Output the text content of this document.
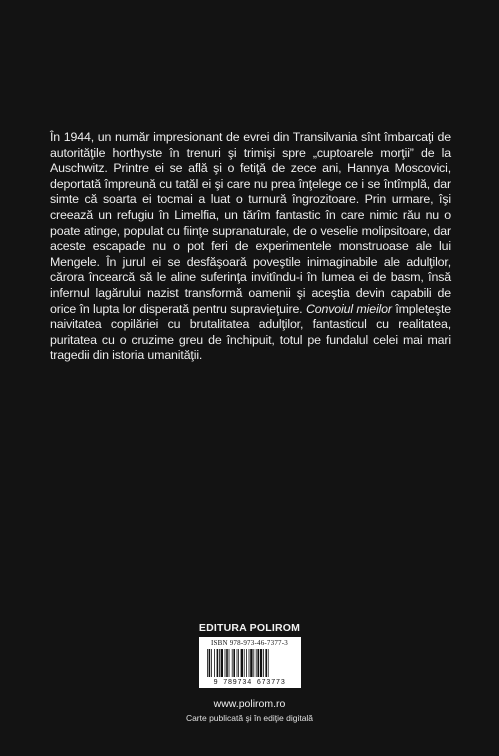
În 1944, un număr impresionant de evrei din Transilvania sînt îmbarcaţi de autorităţile horthyste în trenuri şi trimişi spre „cuptoarele morţii” de la Auschwitz. Printre ei se află şi o fetiţă de zece ani, Hannya Moscovici, deportată împreună cu tatăl ei şi care nu prea înţelege ce i se întîmplă, dar simte că soarta ei tocmai a luat o turnură îngrozitoare. Prin urmare, îşi creează un refugiu în Limelfia, un tărîm fantastic în care nimic rău nu o poate atinge, populat cu fiinţe supranaturale, de o veselie molipsitoare, dar aceste escapade nu o pot feri de experimentele monstruoase ale lui Mengele. În jurul ei se desfăşoară poveştile inimaginabile ale adulţilor, cărora încearcă să le aline suferinţa invitîndu-i în lumea ei de basm, însă infernul lagărului nazist transformă oamenii şi aceştia devin capabili de orice în lupta lor disperată pentru supravieţuire. Convoiul mieilor împleteşte naivitatea copilăriei cu brutalitatea adulţilor, fantasticul cu realitatea, puritatea cu o cruzime greu de închipuit, totul pe fundalul celei mai mari tragedii din istoria umanităţii.

EDITURA POLIROM
ISBN 978-973-46-7377-3
9 789734 673773
www.polirom.ro
Carte publicată şi în ediţie digitală
